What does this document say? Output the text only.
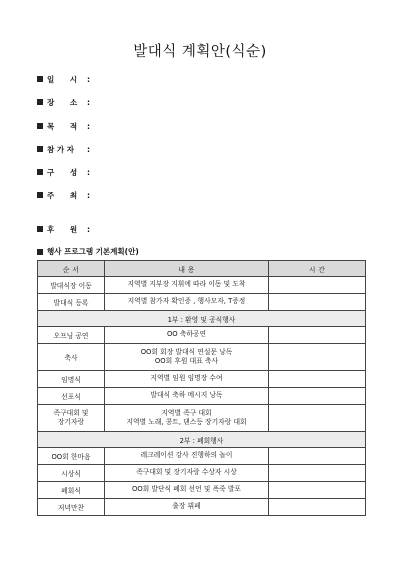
발대식 계획안(식순)
일      시	:
장      소	:
목      적	:
참 가 자	:
구      성	:
주      최	:
후      원	:
행사 프로그램 기본계획(안)
순 서	내 용	시 간
발대식장 이동	지역별 지부장 지휘에 따라 이동 및 도착	

발대식 등록	지역별 참가자 확인증 , 행사모자, T증정	

1부 : 환영 및 공식행사		
오프닝 공연	OO 축하공연	

축사	OO회 회장 발대식 연설문 낭독
OO회 후원 대표 축사	

임명식	지역별 임원 임명장 수여	

선포식	발대식 축하 메시지 낭독	

족구대회 및
장기자랑	지역별 족구 대회
지역별 노래, 콩트, 댄스등 장기자랑 대회	

2부 : 폐회행사		
OO회 한마음	레크레이션 강사 진행하의 놀이	

시상식	족구대회 및 장기자랑 수상자 시상	

폐회식	OO회 발단식 폐회 선언 및 폭죽 발포	

저녁만찬	출장 뷔페	
